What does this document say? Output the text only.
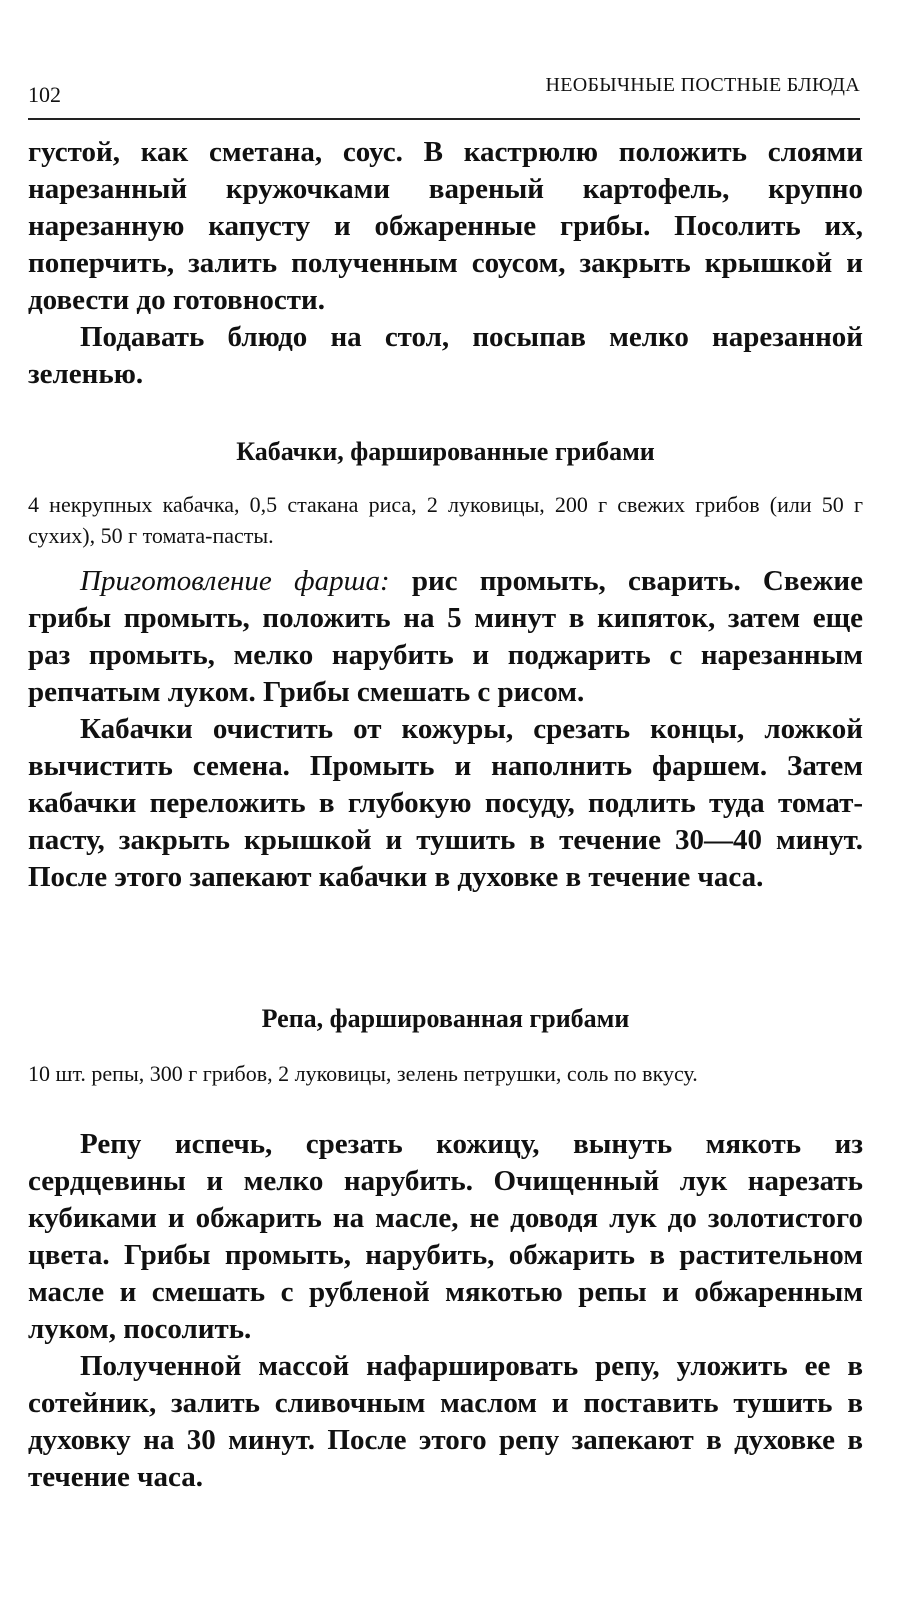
102	НЕОБЫЧНЫЕ ПОСТНЫЕ БЛЮДА

густой, как сметана, соус. В кастрюлю положить слоями нарезанный кружочками вареный картофель, крупно нарезанную капусту и обжаренные грибы. Посолить их, поперчить, залить полученным соусом, закрыть крышкой и довести до готовности.

Подавать блюдо на стол, посыпав мелко нарезанной зеленью.

Кабачки, фаршированные грибами

4 некрупных кабачка, 0,5 стакана риса, 2 луковицы, 200 г свежих грибов (или 50 г сухих), 50 г томата-пасты.

Приготовление фарша: рис промыть, сварить. Свежие грибы промыть, положить на 5 минут в кипяток, затем еще раз промыть, мелко нарубить и поджарить с нарезанным репчатым луком. Грибы смешать с рисом.

Кабачки очистить от кожуры, срезать концы, ложкой вычистить семена. Промыть и наполнить фаршем. Затем кабачки переложить в глубокую посуду, подлить туда томат-пасту, закрыть крышкой и тушить в течение 30—40 минут. После этого запекают кабачки в духовке в течение часа.

Репа, фаршированная грибами

10 шт. репы, 300 г грибов, 2 луковицы, зелень петрушки, соль по вкусу.

Репу испечь, срезать кожицу, вынуть мякоть из сердцевины и мелко нарубить. Очищенный лук нарезать кубиками и обжарить на масле, не доводя лук до золотистого цвета. Грибы промыть, нарубить, обжарить в растительном масле и смешать с рубленой мякотью репы и обжаренным луком, посолить.

Полученной массой нафаршировать репу, уложить ее в сотейник, залить сливочным маслом и поставить тушить в духовку на 30 минут. После этого репу запекают в духовке в течение часа.
